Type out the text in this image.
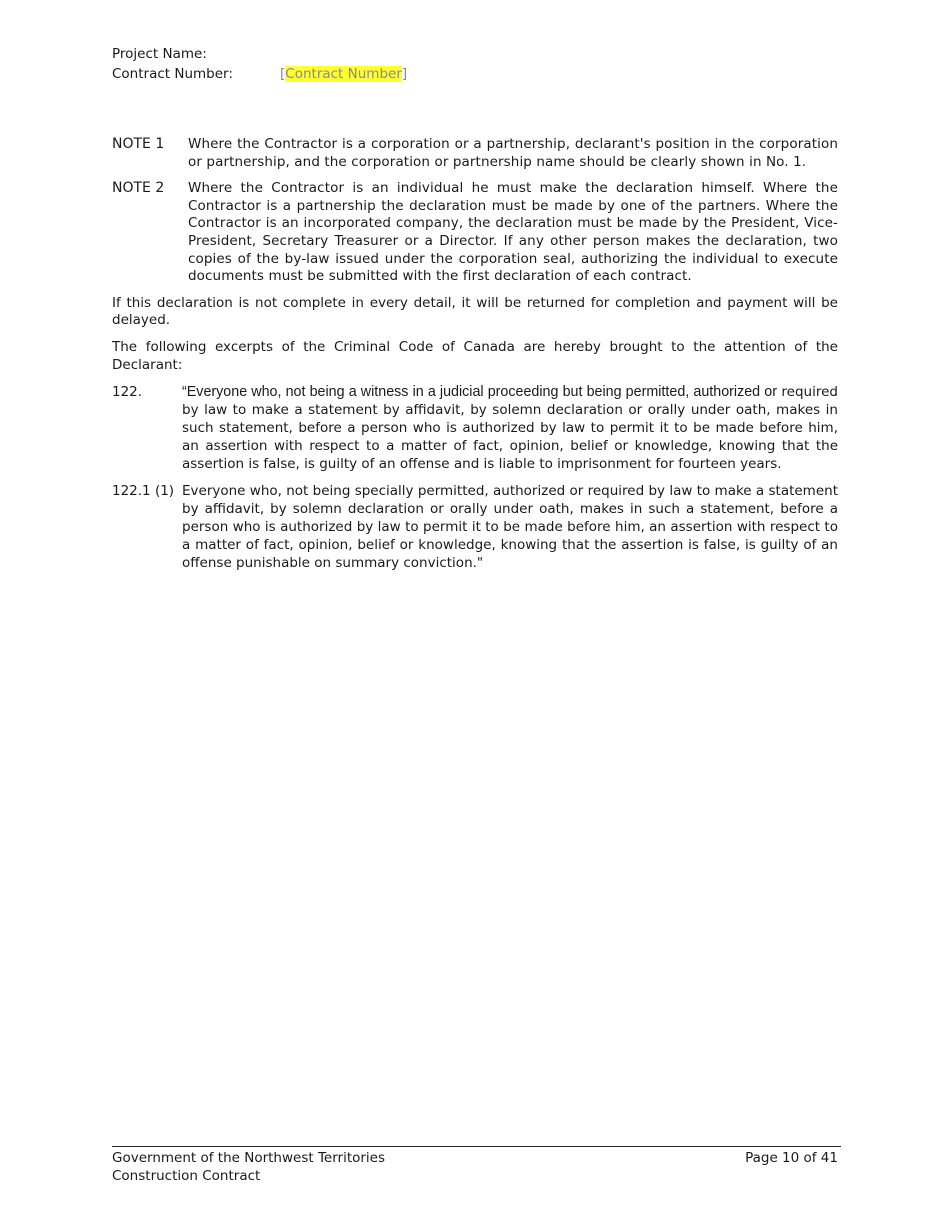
Project Name:
Contract Number:	[Contract Number]
NOTE 1	Where the Contractor is a corporation or a partnership, declarant's position in the corporation or partnership, and the corporation or partnership name should be clearly shown in No. 1.
NOTE 2	Where the Contractor is an individual he must make the declaration himself. Where the Contractor is a partnership the declaration must be made by one of the partners. Where the Contractor is an incorporated company, the declaration must be made by the President, Vice-President, Secretary Treasurer or a Director. If any other person makes the declaration, two copies of the by-law issued under the corporation seal, authorizing the individual to execute documents must be submitted with the first declaration of each contract.

If this declaration is not complete in every detail, it will be returned for completion and payment will be delayed.

The following excerpts of the Criminal Code of Canada are hereby brought to the attention of the Declarant:

122.	“Everyone who, not being a witness in a judicial proceeding but being permitted, authorized or required by law to make a statement by affidavit, by solemn declaration or orally under oath, makes in such statement, before a person who is authorized by law to permit it to be made before him, an assertion with respect to a matter of fact, opinion, belief or knowledge, knowing that the assertion is false, is guilty of an offense and is liable to imprisonment for fourteen years.
122.1 (1) Everyone who, not being specially permitted, authorized or required by law to make a statement by affidavit, by solemn declaration or orally under oath, makes in such a statement, before a person who is authorized by law to permit it to be made before him, an assertion with respect to a matter of fact, opinion, belief or knowledge, knowing that the assertion is false, is guilty of an offense punishable on summary conviction."
Government of the Northwest Territories	Page 10 of 41
Construction Contract
